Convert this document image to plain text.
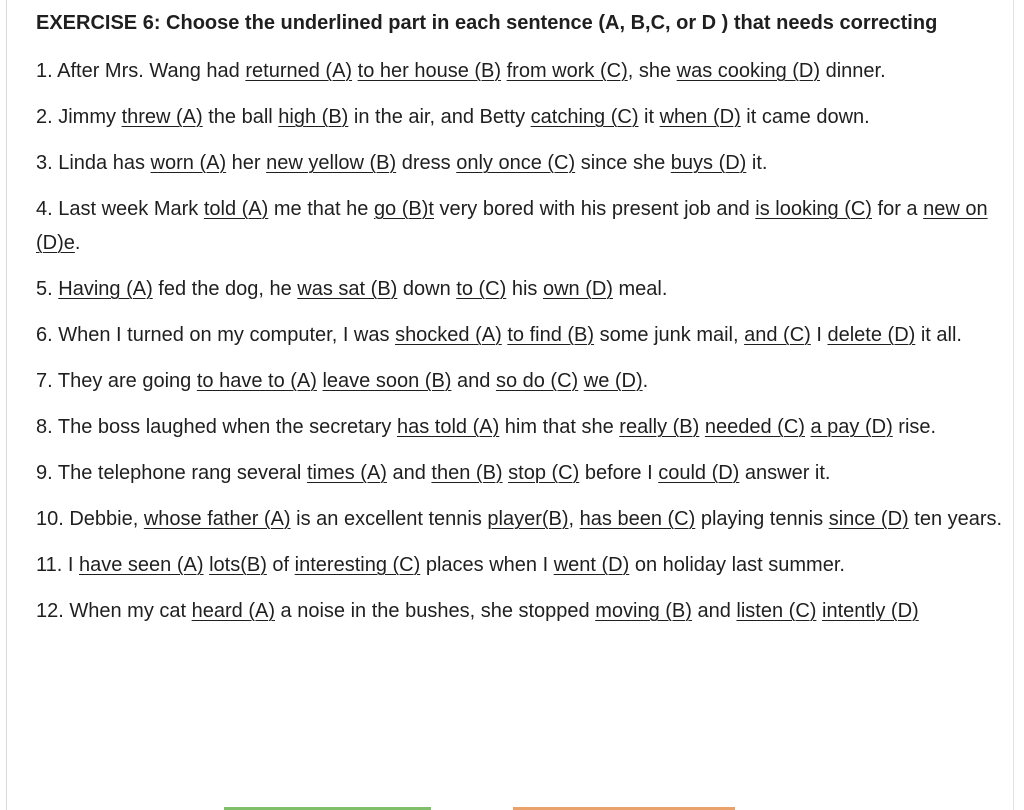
EXERCISE 6: Choose the underlined part in each sentence (A, B,C, or D ) that needs correcting
1. After Mrs. Wang had returned (A) to her house (B) from work (C), she was cooking (D) dinner.
2. Jimmy threw (A) the ball high (B) in the air, and Betty catching (C) it when (D) it came down.
3. Linda has worn (A) her new yellow (B) dress only once (C) since she buys (D) it.
4. Last week Mark told (A) me that he go (B)t very bored with his present job and is looking (C) for a new on (D)e.
5. Having (A) fed the dog, he was sat (B) down to (C) his own (D) meal.
6. When I turned on my computer, I was shocked (A) to find (B) some junk mail, and (C) I delete (D) it all.
7. They are going to have to (A) leave soon (B) and so do (C) we (D).
8. The boss laughed when the secretary has told (A) him that she really (B) needed (C) a pay (D) rise.
9. The telephone rang several times (A) and then (B) stop (C) before I could (D) answer it.
10. Debbie, whose father (A) is an excellent tennis player(B), has been (C) playing tennis since (D) ten years.
11. I have seen (A) lots(B) of interesting (C) places when I went (D) on holiday last summer.
12. When my cat heard (A) a noise in the bushes, she stopped moving (B) and listen (C) intently (D)
